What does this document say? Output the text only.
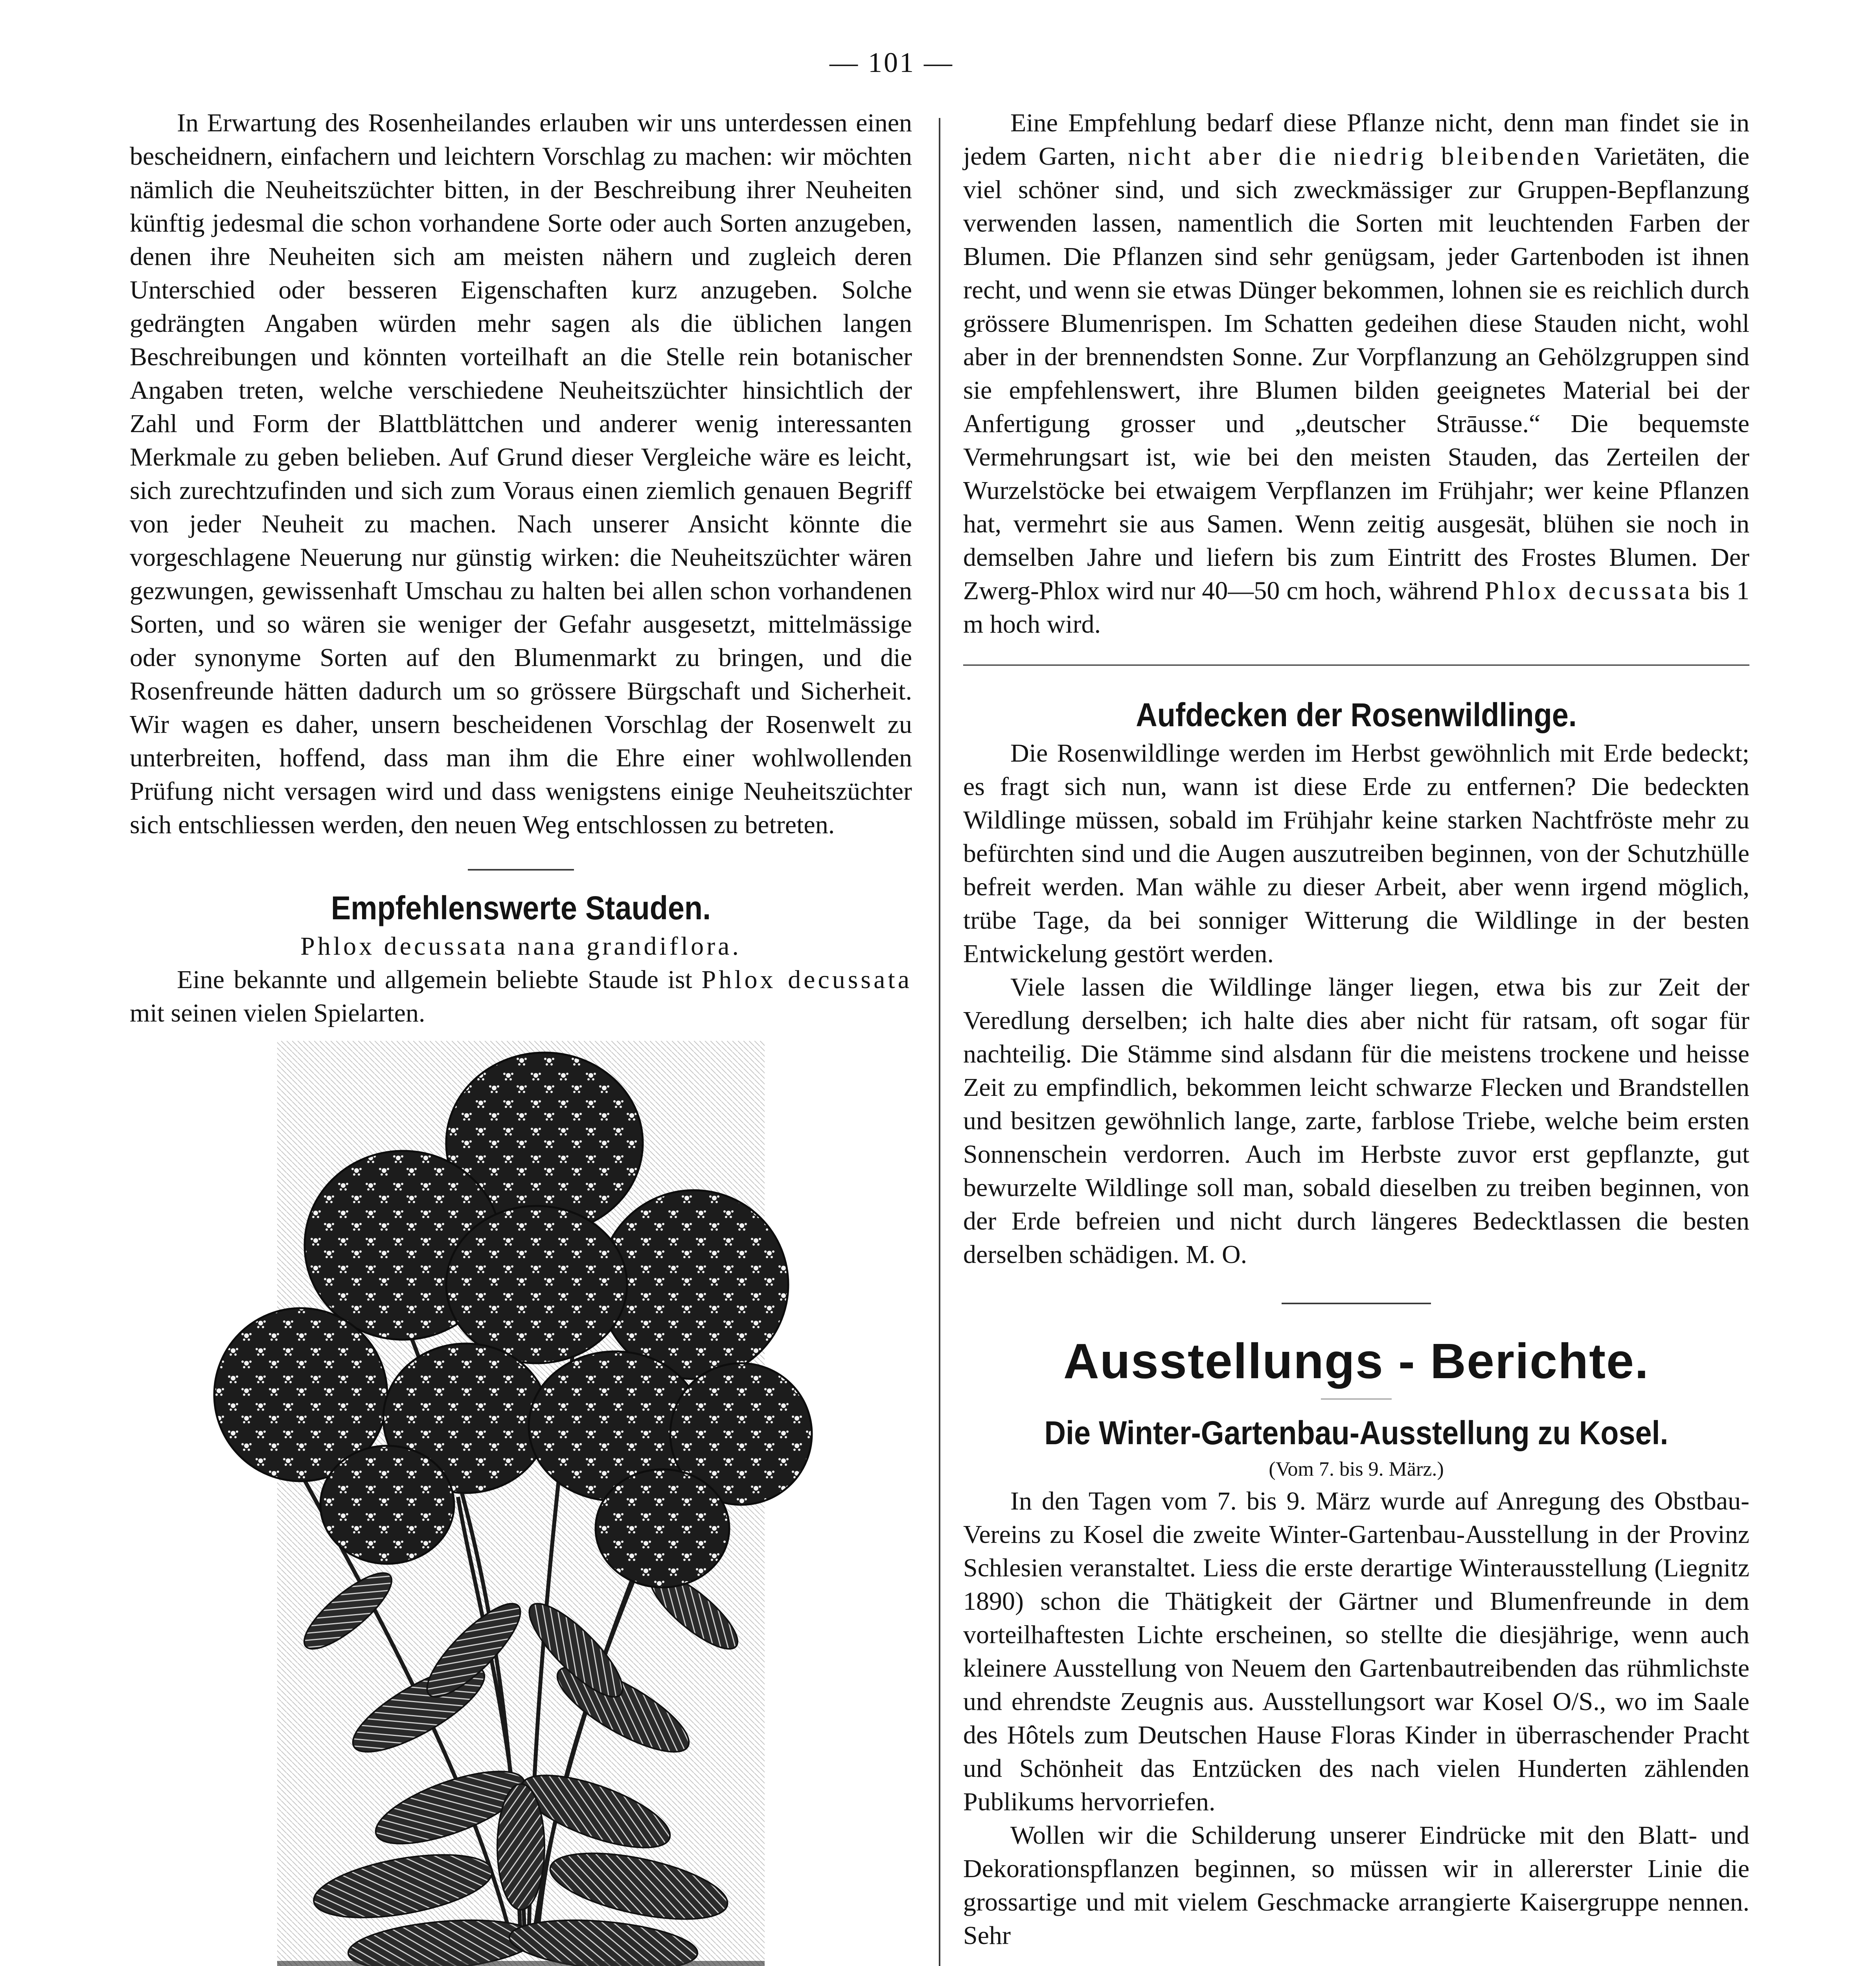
— 101 —

In Erwartung des Rosenheilandes erlauben wir uns unterdessen einen bescheidnern, einfachern und leichtern Vorschlag zu machen: wir möchten nämlich die Neuheitszüchter bitten, in der Beschreibung ihrer Neuheiten künftig jedesmal die schon vorhandene Sorte oder auch Sorten anzugeben, denen ihre Neuheiten sich am meisten nähern und zugleich deren Unterschied oder besseren Eigenschaften kurz anzugeben. Solche gedrängten Angaben würden mehr sagen als die üblichen langen Beschreibungen und könnten vorteilhaft an die Stelle rein botanischer Angaben treten, welche verschiedene Neuheitszüchter hinsichtlich der Zahl und Form der Blattblättchen und anderer wenig interessanten Merkmale zu geben belieben. Auf Grund dieser Vergleiche wäre es leicht, sich zurechtzufinden und sich zum Voraus einen ziemlich genauen Begriff von jeder Neuheit zu machen. Nach unserer Ansicht könnte die vorgeschlagene Neuerung nur günstig wirken: die Neuheitszüchter wären gezwungen, gewissenhaft Umschau zu halten bei allen schon vorhandenen Sorten, und so wären sie weniger der Gefahr ausgesetzt, mittelmässige oder synonyme Sorten auf den Blumenmarkt zu bringen, und die Rosenfreunde hätten dadurch um so grössere Bürgschaft und Sicherheit. Wir wagen es daher, unsern bescheidenen Vorschlag der Rosenwelt zu unterbreiten, hoffend, dass man ihm die Ehre einer wohlwollenden Prüfung nicht versagen wird und dass wenigstens einige Neuheitszüchter sich entschliessen werden, den neuen Weg entschlossen zu betreten.

Empfehlenswerte Stauden.
Phlox decussata nana grandiflora.

Eine bekannte und allgemein beliebte Staude ist Phlox decussata mit seinen vielen Spielarten.

Eine Empfehlung bedarf diese Pflanze nicht, denn man findet sie in jedem Garten, nicht aber die niedrig bleibenden Varietäten, die viel schöner sind, und sich zweckmässiger zur Gruppen-Bepflanzung verwenden lassen, namentlich die Sorten mit leuchtenden Farben der Blumen. Die Pflanzen sind sehr genügsam, jeder Gartenboden ist ihnen recht, und wenn sie etwas Dünger bekommen, lohnen sie es reichlich durch grössere Blumenrispen. Im Schatten gedeihen diese Stauden nicht, wohl aber in der brennendsten Sonne. Zur Vorpflanzung an Gehölzgruppen sind sie empfehlenswert, ihre Blumen bilden geeignetes Material bei der Anfertigung grosser und „deutscher Strāusse.“ Die bequemste Vermehrungsart ist, wie bei den meisten Stauden, das Zerteilen der Wurzelstöcke bei etwaigem Verpflanzen im Frühjahr; wer keine Pflanzen hat, vermehrt sie aus Samen. Wenn zeitig ausgesät, blühen sie noch in demselben Jahre und liefern bis zum Eintritt des Frostes Blumen. Der Zwerg-Phlox wird nur 40—50 cm hoch, während Phlox decussata bis 1 m hoch wird.

Aufdecken der Rosenwildlinge.

Die Rosenwildlinge werden im Herbst gewöhnlich mit Erde bedeckt; es fragt sich nun, wann ist diese Erde zu entfernen? Die bedeckten Wildlinge müssen, sobald im Frühjahr keine starken Nachtfröste mehr zu befürchten sind und die Augen auszutreiben beginnen, von der Schutzhülle befreit werden. Man wähle zu dieser Arbeit, aber wenn irgend möglich, trübe Tage, da bei sonniger Witterung die Wildlinge in der besten Entwickelung gestört werden.

Viele lassen die Wildlinge länger liegen, etwa bis zur Zeit der Veredlung derselben; ich halte dies aber nicht für ratsam, oft sogar für nachteilig. Die Stämme sind alsdann für die meistens trockene und heisse Zeit zu empfindlich, bekommen leicht schwarze Flecken und Brandstellen und besitzen gewöhnlich lange, zarte, farblose Triebe, welche beim ersten Sonnenschein verdorren. Auch im Herbste zuvor erst gepflanzte, gut bewurzelte Wildlinge soll man, sobald dieselben zu treiben beginnen, von der Erde befreien und nicht durch längeres Bedecktlassen die besten derselben schädigen. M. O.

Ausstellungs - Berichte.
Die Winter-Gartenbau-Ausstellung zu Kosel.
(Vom 7. bis 9. März.)

In den Tagen vom 7. bis 9. März wurde auf Anregung des Obstbau-Vereins zu Kosel die zweite Winter-Gartenbau-Ausstellung in der Provinz Schlesien veranstaltet. Liess die erste derartige Winterausstellung (Liegnitz 1890) schon die Thätigkeit der Gärtner und Blumenfreunde in dem vorteilhaftesten Lichte erscheinen, so stellte die diesjährige, wenn auch kleinere Ausstellung von Neuem den Gartenbautreibenden das rühmlichste und ehrendste Zeugnis aus. Ausstellungsort war Kosel O/S., wo im Saale des Hôtels zum Deutschen Hause Floras Kinder in überraschender Pracht und Schönheit das Entzücken des nach vielen Hunderten zählenden Publikums hervorriefen.

Wollen wir die Schilderung unserer Eindrücke mit den Blatt- und Dekorationspflanzen beginnen, so müssen wir in allererster Linie die grossartige und mit vielem Geschmacke arrangierte Kaisergruppe nennen. Sehr
